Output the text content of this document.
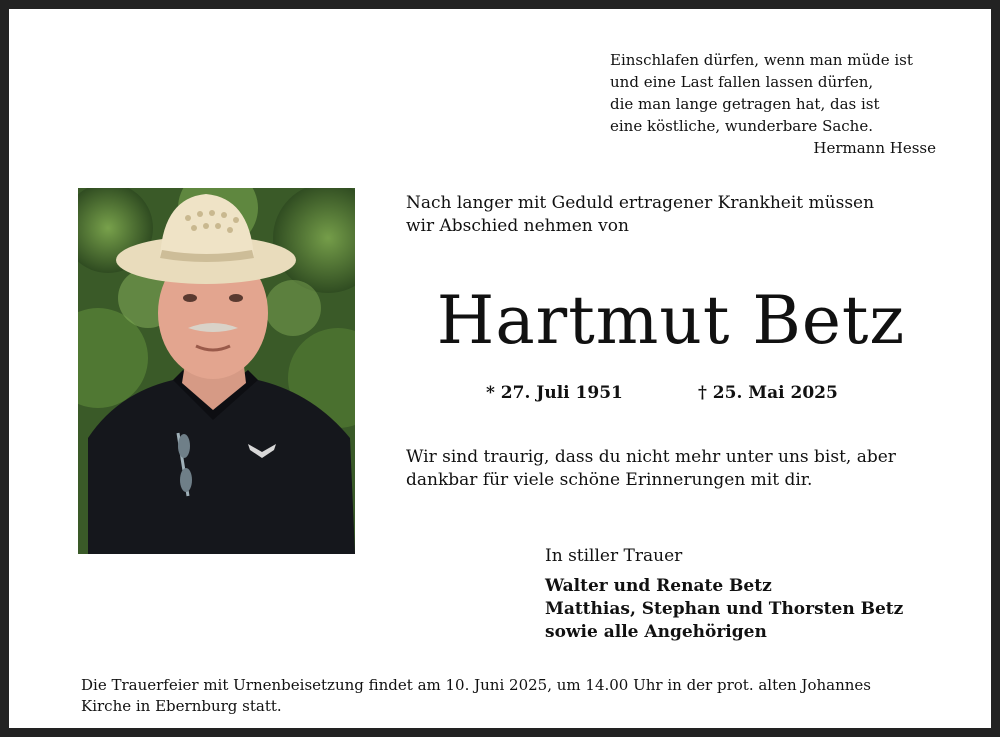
Einschlafen dürfen, wenn man müde ist
und eine Last fallen lassen dürfen,
die man lange getragen hat, das ist
eine köstliche, wunderbare Sache.
Hermann Hesse
Nach langer mit Geduld ertragener Krankheit müssen
wir Abschied nehmen von
Hartmut Betz
* 27. Juli 1951	† 25. Mai 2025
Wir sind traurig, dass du nicht mehr unter uns bist, aber
dankbar für viele schöne Erinnerungen mit dir.
In stiller Trauer
Walter und Renate Betz
Matthias, Stephan und Thorsten Betz
sowie alle Angehörigen
Die Trauerfeier mit Urnenbeisetzung findet am 10. Juni 2025, um 14.00 Uhr in der prot. alten Johannes
Kirche in Ebernburg statt.
